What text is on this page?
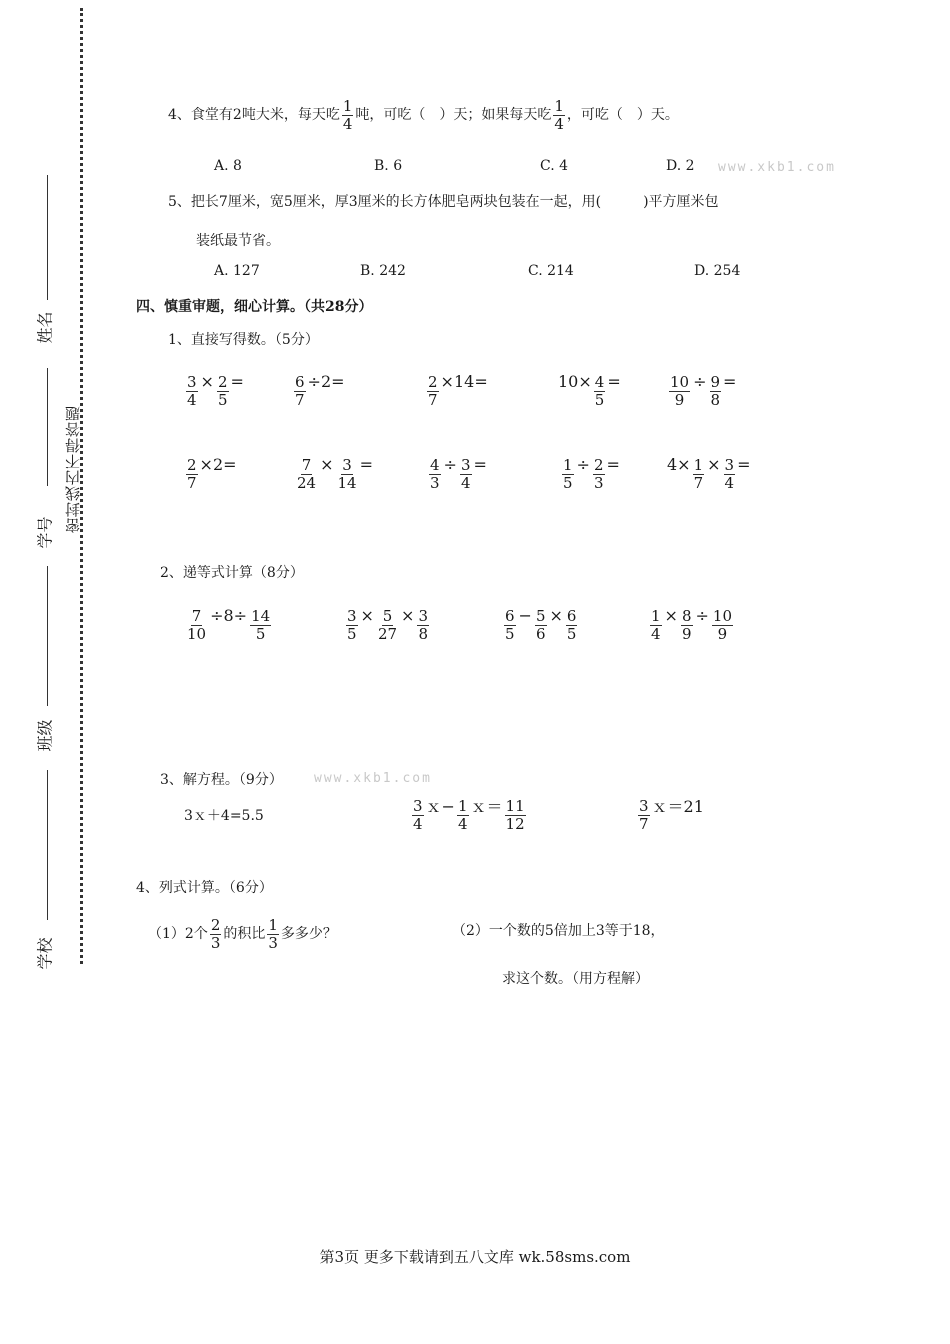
密封线内不得答题
姓名
学号
班级
学校
4、食堂有2吨大米，每天吃 $\frac{1}{4}$ 吨，可吃（　）天；如果每天吃 $\frac{1}{4}$ ，可吃（　）天。
A. 8	B. 6	C. 4	D. 2 www.xkb1.com
5、把长7厘米，宽5厘米，厚3厘米的长方体肥皂两块包装在一起，用(　　　)平方厘米包
装纸最节省。
A. 127	B. 242	C. 214	D. 254
四、慎重审题，细心计算。（共28分）
1、直接写得数。（5分）
$\frac{3}{4} \times \frac{2}{5}$ =	$\frac{6}{7} \div 2=$	$\frac{2}{7} \times 14=$	$10\times \frac{4}{5}$ =	$\frac{10}{9} \div \frac{9}{8}$ =
$\frac{2}{7} \times 2=$	$\frac{7}{24} \times \frac{3}{14}$ =	$\frac{4}{3} \div \frac{3}{4}$ =	$\frac{1}{5} \div \frac{2}{3}$ =	$4\times \frac{1}{7} \times \frac{3}{4}$ =
2、递等式计算（8分）
$\frac{7}{10} \div 8\div \frac{14}{5}$	$\frac{3}{5} \times \frac{5}{27} \times \frac{3}{8}$	$\frac{6}{5} - \frac{5}{6} \times \frac{6}{5}$	$\frac{1}{4} \times \frac{8}{9} \div \frac{10}{9}$
3、解方程。（9分） www.xkb1.com
3ｘ＋4=5.5	$\frac{3}{4}$ ｘ− $\frac{1}{4}$ ｘ＝ $\frac{11}{12}$	$\frac{3}{7}$ ｘ＝21
4、列式计算。（6分）
（1）2个 $\frac{2}{3}$ 的积比 $\frac{1}{3}$ 多多少？	（2）一个数的5倍加上3等于18，
求这个数。（用方程解）
第3页 更多下载请到五八文库 wk.58sms.com
